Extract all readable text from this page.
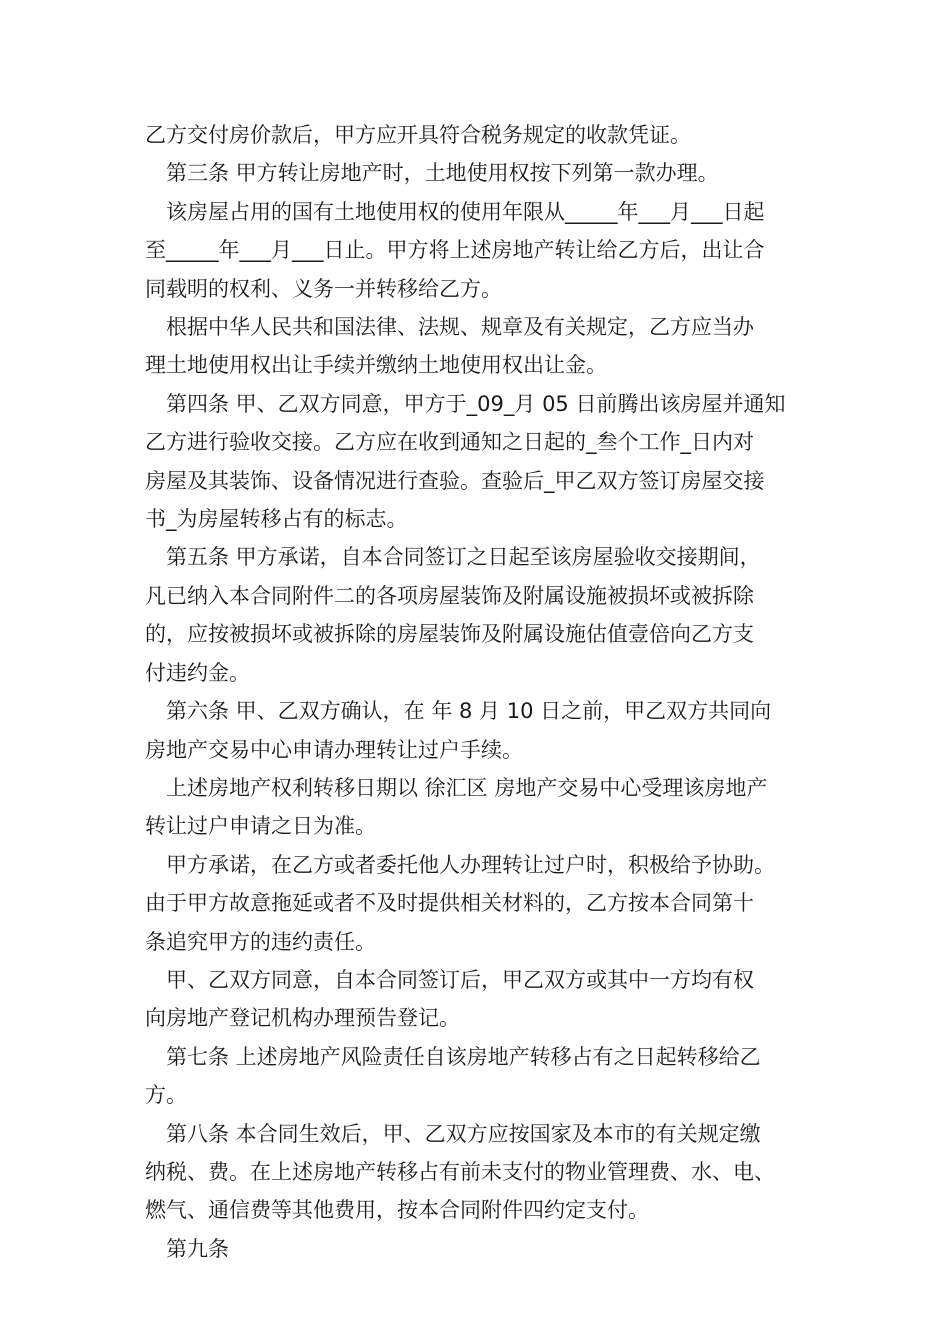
乙方交付房价款后，甲方应开具符合税务规定的收款凭证。

　第三条 甲方转让房地产时，土地使用权按下列第一款办理。

　该房屋占用的国有土地使用权的使用年限从_____年___月___日起

至_____年___月___日止。甲方将上述房地产转让给乙方后，出让合

同载明的权利、义务一并转移给乙方。

　根据中华人民共和国法律、法规、规章及有关规定，乙方应当办

理土地使用权出让手续并缴纳土地使用权出让金。

　第四条 甲、乙双方同意，甲方于_09_月 05 日前腾出该房屋并通知

乙方进行验收交接。乙方应在收到通知之日起的_叁个工作_日内对

房屋及其装饰、设备情况进行查验。查验后_甲乙双方签订房屋交接

书_为房屋转移占有的标志。

　第五条 甲方承诺，自本合同签订之日起至该房屋验收交接期间，

凡已纳入本合同附件二的各项房屋装饰及附属设施被损坏或被拆除

的，应按被损坏或被拆除的房屋装饰及附属设施估值壹倍向乙方支

付违约金。

　第六条 甲、乙双方确认，在 年 8 月 10 日之前，甲乙双方共同向

房地产交易中心申请办理转让过户手续。

　上述房地产权利转移日期以 徐汇区 房地产交易中心受理该房地产

转让过户申请之日为准。

　甲方承诺，在乙方或者委托他人办理转让过户时，积极给予协助。

由于甲方故意拖延或者不及时提供相关材料的，乙方按本合同第十

条追究甲方的违约责任。

　甲、乙双方同意，自本合同签订后，甲乙双方或其中一方均有权

向房地产登记机构办理预告登记。

　第七条 上述房地产风险责任自该房地产转移占有之日起转移给乙

方。

　第八条 本合同生效后，甲、乙双方应按国家及本市的有关规定缴

纳税、费。在上述房地产转移占有前未支付的物业管理费、水、电、

燃气、通信费等其他费用，按本合同附件四约定支付。

　第九条
